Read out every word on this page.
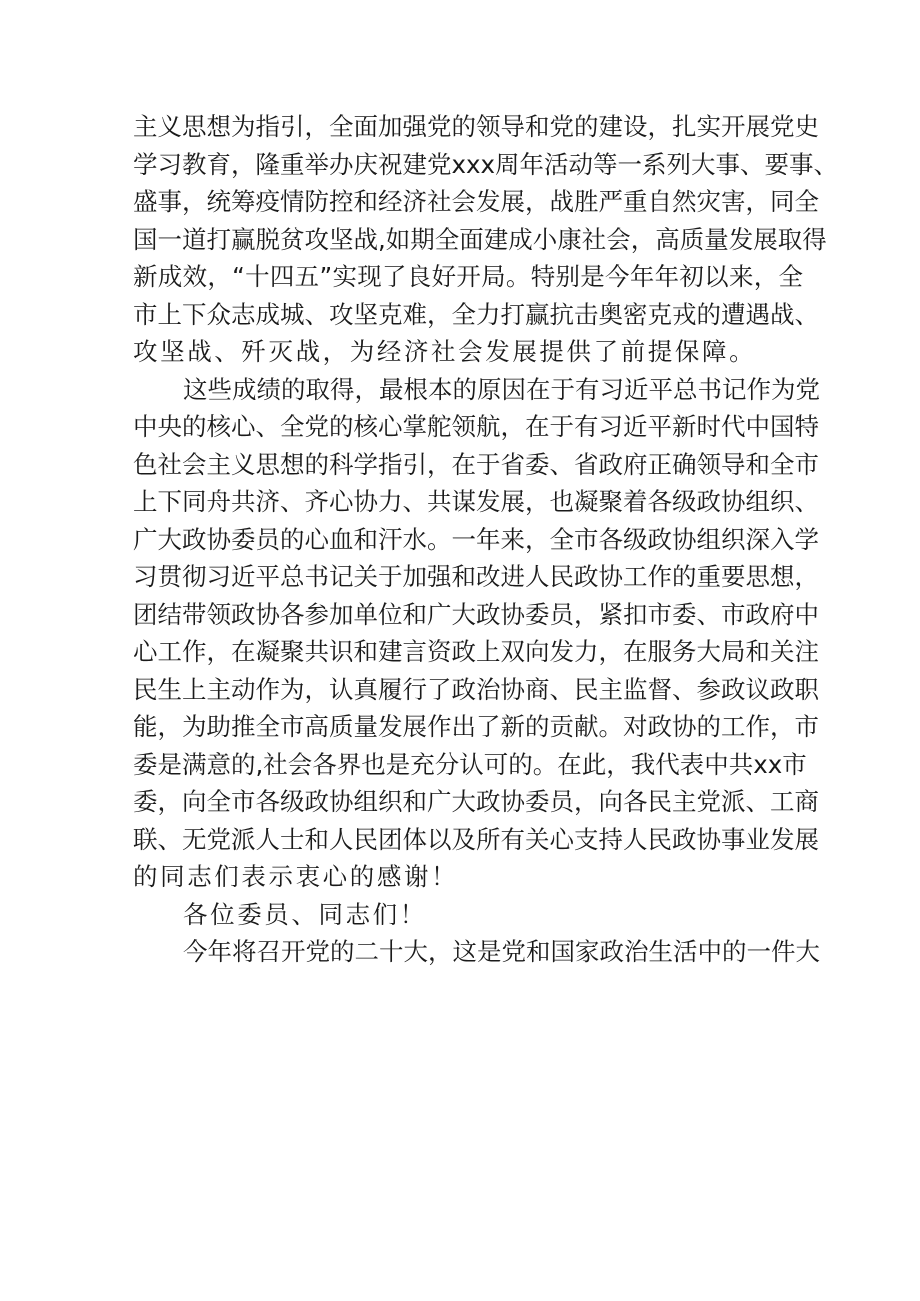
主 义 思 想 为 指 引 ， 全 面 加 强 党 的 领 导 和 党 的 建 设 ， 扎 实 开 展 党 史
学 习 教 育 ， 隆 重 举 办 庆 祝 建 党 xxx 周 年 活 动 等 一 系 列 大 事 、 要 事 、
盛 事 ， 统 筹 疫 情 防 控 和 经 济 社 会 发 展 ， 战 胜 严 重 自 然 灾 害 ， 同 全
国 一 道 打 赢 脱 贫 攻 坚 战 , 如 期 全 面 建 成 小 康 社 会 ， 高 质 量 发 展 取 得
新 成 效 ， “ 十 四 五 ” 实 现 了 良 好 开 局 。 特 别 是 今 年 年 初 以 来 ， 全
市 上 下 众 志 成 城 、 攻 坚 克 难 ， 全 力 打 赢 抗 击 奥 密 克 戎 的 遭 遇 战 、
攻 坚 战 、 歼 灭 战 ， 为 经 济 社 会 发 展 提 供 了 前 提 保 障 。
这 些 成 绩 的 取 得 ， 最 根 本 的 原 因 在 于 有 习 近 平 总 书 记 作 为 党
中 央 的 核 心 、 全 党 的 核 心 掌 舵 领 航 ， 在 于 有 习 近 平 新 时 代 中 国 特
色 社 会 主 义 思 想 的 科 学 指 引 ， 在 于 省 委 、 省 政 府 正 确 领 导 和 全 市
上 下 同 舟 共 济 、 齐 心 协 力 、 共 谋 发 展 ， 也 凝 聚 着 各 级 政 协 组 织 、
广 大 政 协 委 员 的 心 血 和 汗 水 。 一 年 来 ， 全 市 各 级 政 协 组 织 深 入 学
习 贯 彻 习 近 平 总 书 记 关 于 加 强 和 改 进 人 民 政 协 工 作 的 重 要 思 想 ，
团 结 带 领 政 协 各 参 加 单 位 和 广 大 政 协 委 员 ， 紧 扣 市 委 、 市 政 府 中
心 工 作 ， 在 凝 聚 共 识 和 建 言 资 政 上 双 向 发 力 ， 在 服 务 大 局 和 关 注
民 生 上 主 动 作 为 ， 认 真 履 行 了 政 治 协 商 、 民 主 监 督 、 参 政 议 政 职
能 ， 为 助 推 全 市 高 质 量 发 展 作 出 了 新 的 贡 献 。 对 政 协 的 工 作 ， 市
委 是 满 意 的 , 社 会 各 界 也 是 充 分 认 可 的 。 在 此 ， 我 代 表 中 共 xx 市
委 ， 向 全 市 各 级 政 协 组 织 和 广 大 政 协 委 员 ， 向 各 民 主 党 派 、 工 商
联 、 无 党 派 人 士 和 人 民 团 体 以 及 所 有 关 心 支 持 人 民 政 协 事 业 发 展
的 同 志 们 表 示 衷 心 的 感 谢 ！
各 位 委 员 、 同 志 们 ！
今 年 将 召 开 党 的 二 十 大 ， 这 是 党 和 国 家 政 治 生 活 中 的 一 件 大
